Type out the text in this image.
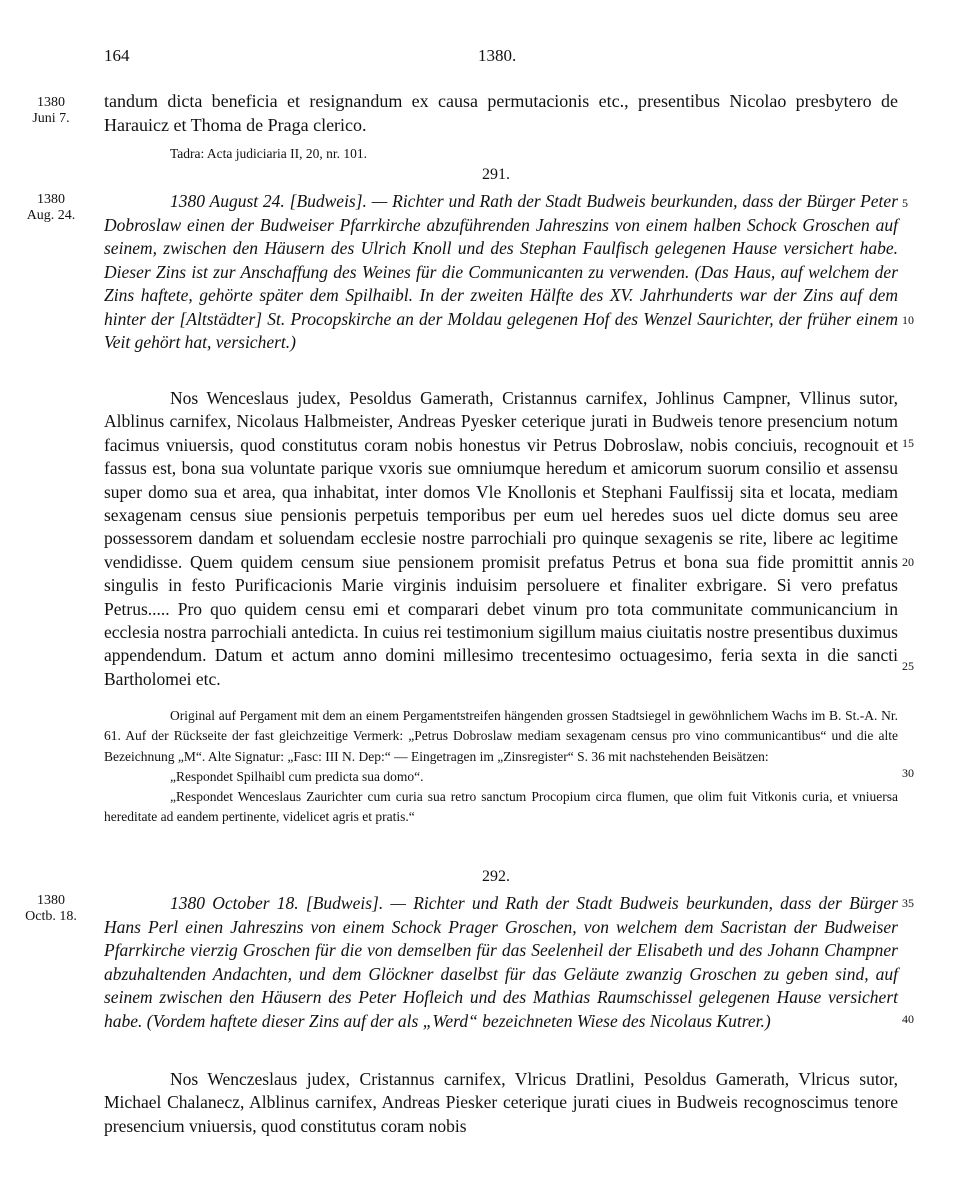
164	1380.
1380
Juni 7.
1380
Aug. 24.
1380
Octb. 18.
5
10
15
20
25
30
35
40
tandum dicta beneficia et resignandum ex causa permutacionis etc., presentibus Nicolao presbytero de Harauicz et Thoma de Praga clerico.
Tadra: Acta judiciaria II, 20, nr. 101.
291.

1380 August 24. [Budweis]. — Richter und Rath der Stadt Budweis beurkunden, dass der Bürger Peter Dobroslaw einen der Budweiser Pfarrkirche abzuführenden Jahreszins von einem halben Schock Groschen auf seinem, zwischen den Häusern des Ulrich Knoll und des Stephan Faulfisch gelegenen Hause versichert habe. Dieser Zins ist zur Anschaffung des Weines für die Communicanten zu verwenden. (Das Haus, auf welchem der Zins haftete, gehörte später dem Spilhaibl. In der zweiten Hälfte des XV. Jahrhunderts war der Zins auf dem hinter der [Altstädter] St. Procopskirche an der Moldau gelegenen Hof des Wenzel Saurichter, der früher einem Veit gehört hat, versichert.)

Nos Wenceslaus judex, Pesoldus Gamerath, Cristannus carnifex, Johlinus Campner, Vllinus sutor, Alblinus carnifex, Nicolaus Halbmeister, Andreas Pyesker ceterique jurati in Budweis tenore presencium notum facimus vniuersis, quod constitutus coram nobis honestus vir Petrus Dobroslaw, nobis conciuis, recognouit et fassus est, bona sua voluntate parique vxoris sue omniumque heredum et amicorum suorum consilio et assensu super domo sua et area, qua inhabitat, inter domos Vle Knollonis et Stephani Faulfissij sita et locata, mediam sexagenam census siue pensionis perpetuis temporibus per eum uel heredes suos uel dicte domus seu aree possessorem dandam et soluendam ecclesie nostre parrochiali pro quinque sexagenis se rite, libere ac legitime vendidisse. Quem quidem censum siue pensionem promisit prefatus Petrus et bona sua fide promittit annis singulis in festo Purificacionis Marie virginis induisim persoluere et finaliter exbrigare. Si vero prefatus Petrus..... Pro quo quidem censu emi et comparari debet vinum pro tota communitate communicancium in ecclesia nostra parrochiali antedicta. In cuius rei testimonium sigillum maius ciuitatis nostre presentibus duximus appendendum. Datum et actum anno domini millesimo trecentesimo octuagesimo, feria sexta in die sancti Bartholomei etc.

Original auf Pergament mit dem an einem Pergamentstreifen hängenden grossen Stadtsiegel in gewöhnlichem Wachs im B. St.-A. Nr. 61. Auf der Rückseite der fast gleichzeitige Vermerk: „Petrus Dobroslaw mediam sexagenam census pro vino communicantibus“ und die alte Bezeichnung „M“. Alte Signatur: „Fasc: III N. Dep:“ — Eingetragen im „Zinsregister“ S. 36 mit nachstehenden Beisätzen:

„Respondet Spilhaibl cum predicta sua domo“.

„Respondet Wenceslaus Zaurichter cum curia sua retro sanctum Procopium circa flumen, que olim fuit Vitkonis curia, et vniuersa hereditate ad eandem pertinente, videlicet agris et pratis.“

292.

1380 October 18. [Budweis]. — Richter und Rath der Stadt Budweis beurkunden, dass der Bürger Hans Perl einen Jahreszins von einem Schock Prager Groschen, von welchem dem Sacristan der Budweiser Pfarrkirche vierzig Groschen für die von demselben für das Seelenheil der Elisabeth und des Johann Champner abzuhaltenden Andachten, und dem Glöckner daselbst für das Geläute zwanzig Groschen zu geben sind, auf seinem zwischen den Häusern des Peter Hofleich und des Mathias Raumschissel gelegenen Hause versichert habe. (Vordem haftete dieser Zins auf der als „Werd“ bezeichneten Wiese des Nicolaus Kutrer.)

Nos Wenczeslaus judex, Cristannus carnifex, Vlricus Dratlini, Pesoldus Gamerath, Vlricus sutor, Michael Chalanecz, Alblinus carnifex, Andreas Piesker ceterique jurati ciues in Budweis recognoscimus tenore presencium vniuersis, quod constitutus coram nobis
